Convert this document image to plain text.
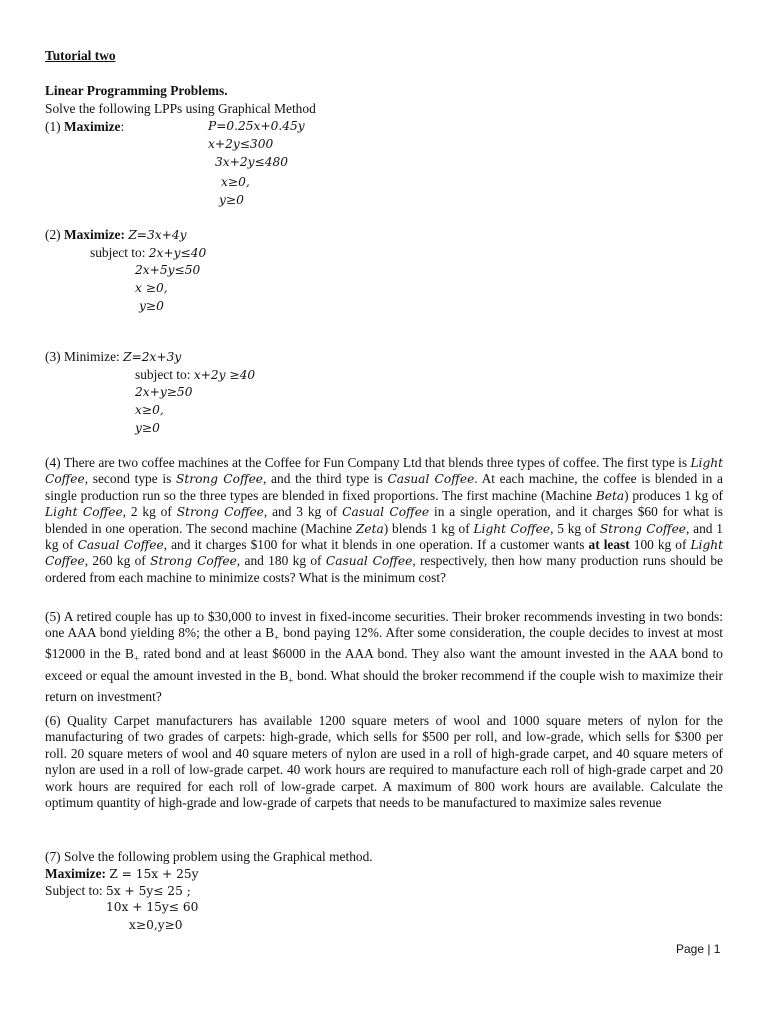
Tutorial two
Linear Programming Problems.
Solve the following LPPs using Graphical Method
(1) Maximize:	P=0.25x+0.45y
x+2y≤300
3x+2y≤480
x≥0,
y≥0
(2) Maximize: Z=3x+4y
subject to: 2x+y≤40
2x+5y≤50
x ≥0,
y≥0
(3) Minimize: Z=2x+3y
subject to: x+2y ≥40
2x+y≥50
x≥0,
y≥0
(4) There are two coffee machines at the Coffee for Fun Company Ltd that blends three types of coffee. The first type is Light Coffee, second type is Strong Coffee, and the third type is Casual Coffee. At each machine, the coffee is blended in a single production run so the three types are blended in fixed proportions. The first machine (Machine Beta) produces 1 kg of Light Coffee, 2 kg of Strong Coffee, and 3 kg of Casual Coffee in a single operation, and it charges $60 for what is blended in one operation. The second machine (Machine Zeta) blends 1 kg of Light Coffee, 5 kg of Strong Coffee, and 1 kg of Casual Coffee, and it charges $100 for what it blends in one operation. If a customer wants at least 100 kg of Light Coffee, 260 kg of Strong Coffee, and 180 kg of Casual Coffee, respectively, then how many production runs should be ordered from each machine to minimize costs? What is the minimum cost?
(5) A retired couple has up to $30,000 to invest in fixed-income securities. Their broker recommends investing in two bonds: one AAA bond yielding 8%; the other a $B_+$ bond paying 12%. After some consideration, the couple decides to invest at most $12000 in the $B_+$ rated bond and at least $6000 in the AAA bond. They also want the amount invested in the AAA bond to exceed or equal the amount invested in the $B_+$ bond. What should the broker recommend if the couple wish to maximize their return on investment?
(6) Quality Carpet manufacturers has available 1200 square meters of wool and 1000 square meters of nylon for the manufacturing of two grades of carpets: high-grade, which sells for $500 per roll, and low-grade, which sells for $300 per roll. 20 square meters of wool and 40 square meters of nylon are used in a roll of high-grade carpet, and 40 square meters of nylon are used in a roll of low-grade carpet. 40 work hours are required to manufacture each roll of high-grade carpet and 20 work hours are required for each roll of low-grade carpet. A maximum of 800 work hours are available. Calculate the optimum quantity of high-grade and low-grade of carpets that needs to be manufactured to maximize sales revenue
(7) Solve the following problem using the Graphical method.
Maximize: Z = 15x + 25y
Subject to: 5x + 5y≤ 25 ;
10x + 15y≤ 60
x≥0,y≥0
Page | 1
